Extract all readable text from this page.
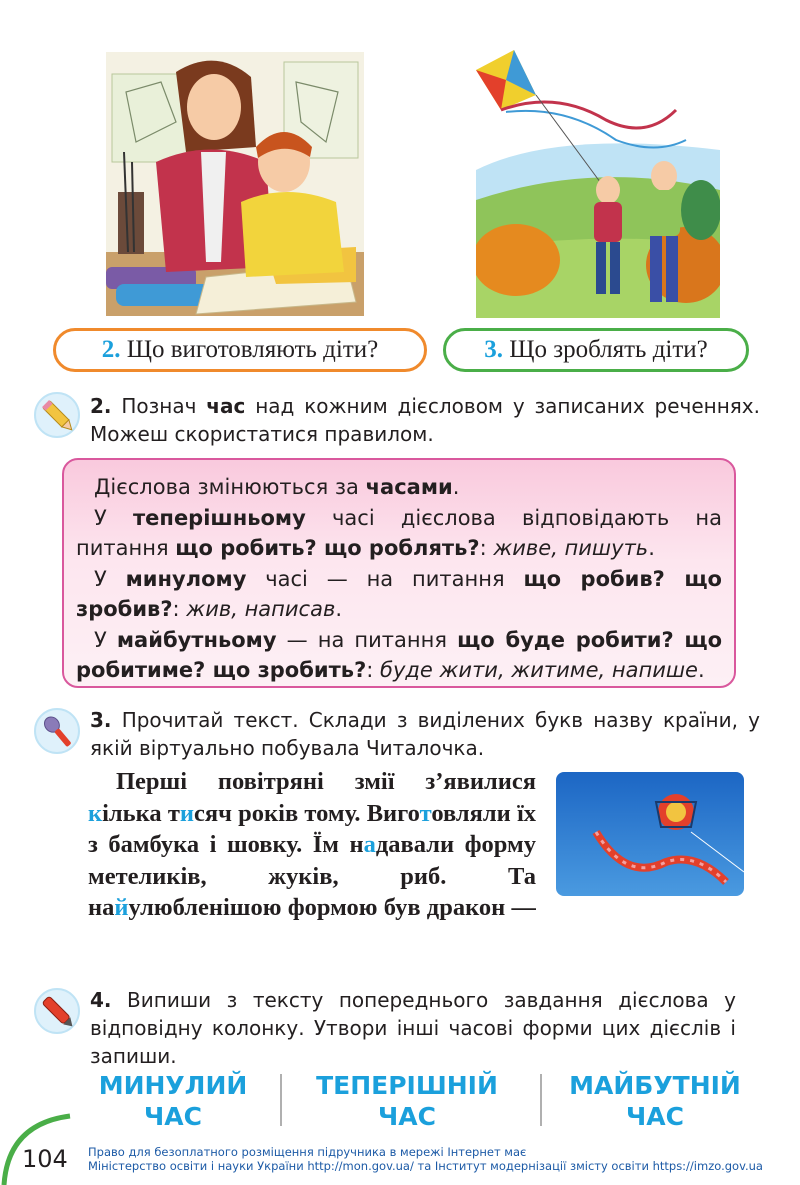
2. Що виготовляють діти?	3. Що зроблять діти?
2. Познач час над кожним дієсловом у записаних реченнях. Можеш скористатися правилом.

Дієслова змінюються за часами.

У теперішньому часі дієслова відповідають на питання що робить? що роблять?: живе, пишуть.

У минулому часі — на питання що робив? що зробив?: жив, написав.

У майбутньому — на питання що буде робити? що робитиме? що зробить?: буде жити, житиме, напише.

3. Прочитай текст. Склади з виділених букв назву країни, у якій віртуально побувала Читалочка.
Перші повітряні змії з’явилися кілька тисяч років тому. Виготовляли їх з бамбука і шовку. Їм надавали форму метеликів, жуків, риб. Та найулюбленішою формою був дракон —
4. Випиши з тексту попереднього завдання дієслова у відповідну колонку. Утвори інші часові форми цих дієслів і запиши.
МИНУЛИЙ
ЧАС
ТЕПЕРІШНІЙ
ЧАС
МАЙБУТНІЙ
ЧАС
104 Право для безоплатного розміщення підручника в мережі Інтернет має
Міністерство освіти і науки України http://mon.gov.ua/ та Інститут модернізації змісту освіти https://imzo.gov.ua
